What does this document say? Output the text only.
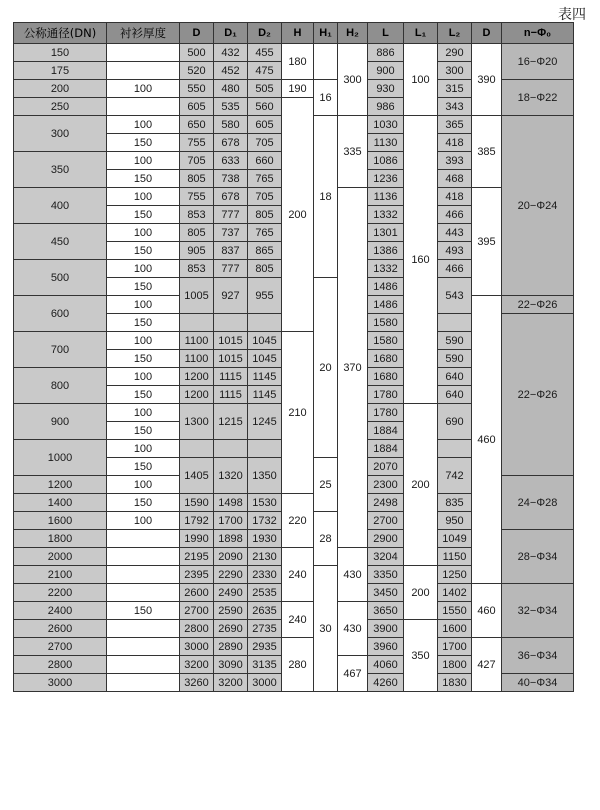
表四
公称通径(DN)	衬衫厚度	D	D₁	D₂	H	H₁	H₂	L	L₁	L₂	D	n−Φ₀
150		500	432	455	180		300	886	100	290	390	16−Φ20
175		520	452	475				900		300		
200	100	550	480	505	190	16		930		315		18−Φ22
250		605	535	560	200			986		343		
300	100	650	580	605		18	335	1030	160	365	385	20−Φ24
	150	755	678	705				1130		418		
350	100	705	633	660				1086		393		
	150	805	738	765				1236		468		
400	100	755	678	705			370	1136		418	395	
	150	853	777	805				1332		466		
450	100	805	737	765				1301		443		
	150	905	837	865				1386		493		
500	100	853	777	805				1332		466		
	150	1005	927	955		20		1486		543		
600	100							1486			460	22−Φ26
	150							1580				22−Φ26
700	100	1100	1015	1045	210			1580		590		
	150	1100	1015	1045				1680		590		
800	100	1200	1115	1145				1680		640		
	150	1200	1115	1145				1780		640		
900	100	1300	1215	1245				1780	200	690		
	150							1884				
1000	100							1884				
	150	1405	1320	1350		25		2070		742		
1200	100							2300				24−Φ28
1400	150	1590	1498	1530	220			2498		835		
1600	100	1792	1700	1732		28		2700		950		
1800		1990	1898	1930				2900		1049		28−Φ34
2000		2195	2090	2130	240		430	3204		1150		
2100		2395	2290	2330		30		3350	200	1250		
2200		2600	2490	2535				3450		1402	460	32−Φ34
2400	150	2700	2590	2635	240		430	3650		1550		
2600		2800	2690	2735				3900	350	1600		
2700		3000	2890	2935	280			3960		1700	427	36−Φ34
2800		3200	3090	3135			467	4060		1800		
3000		3260	3200	3000				4260		1830		40−Φ34
